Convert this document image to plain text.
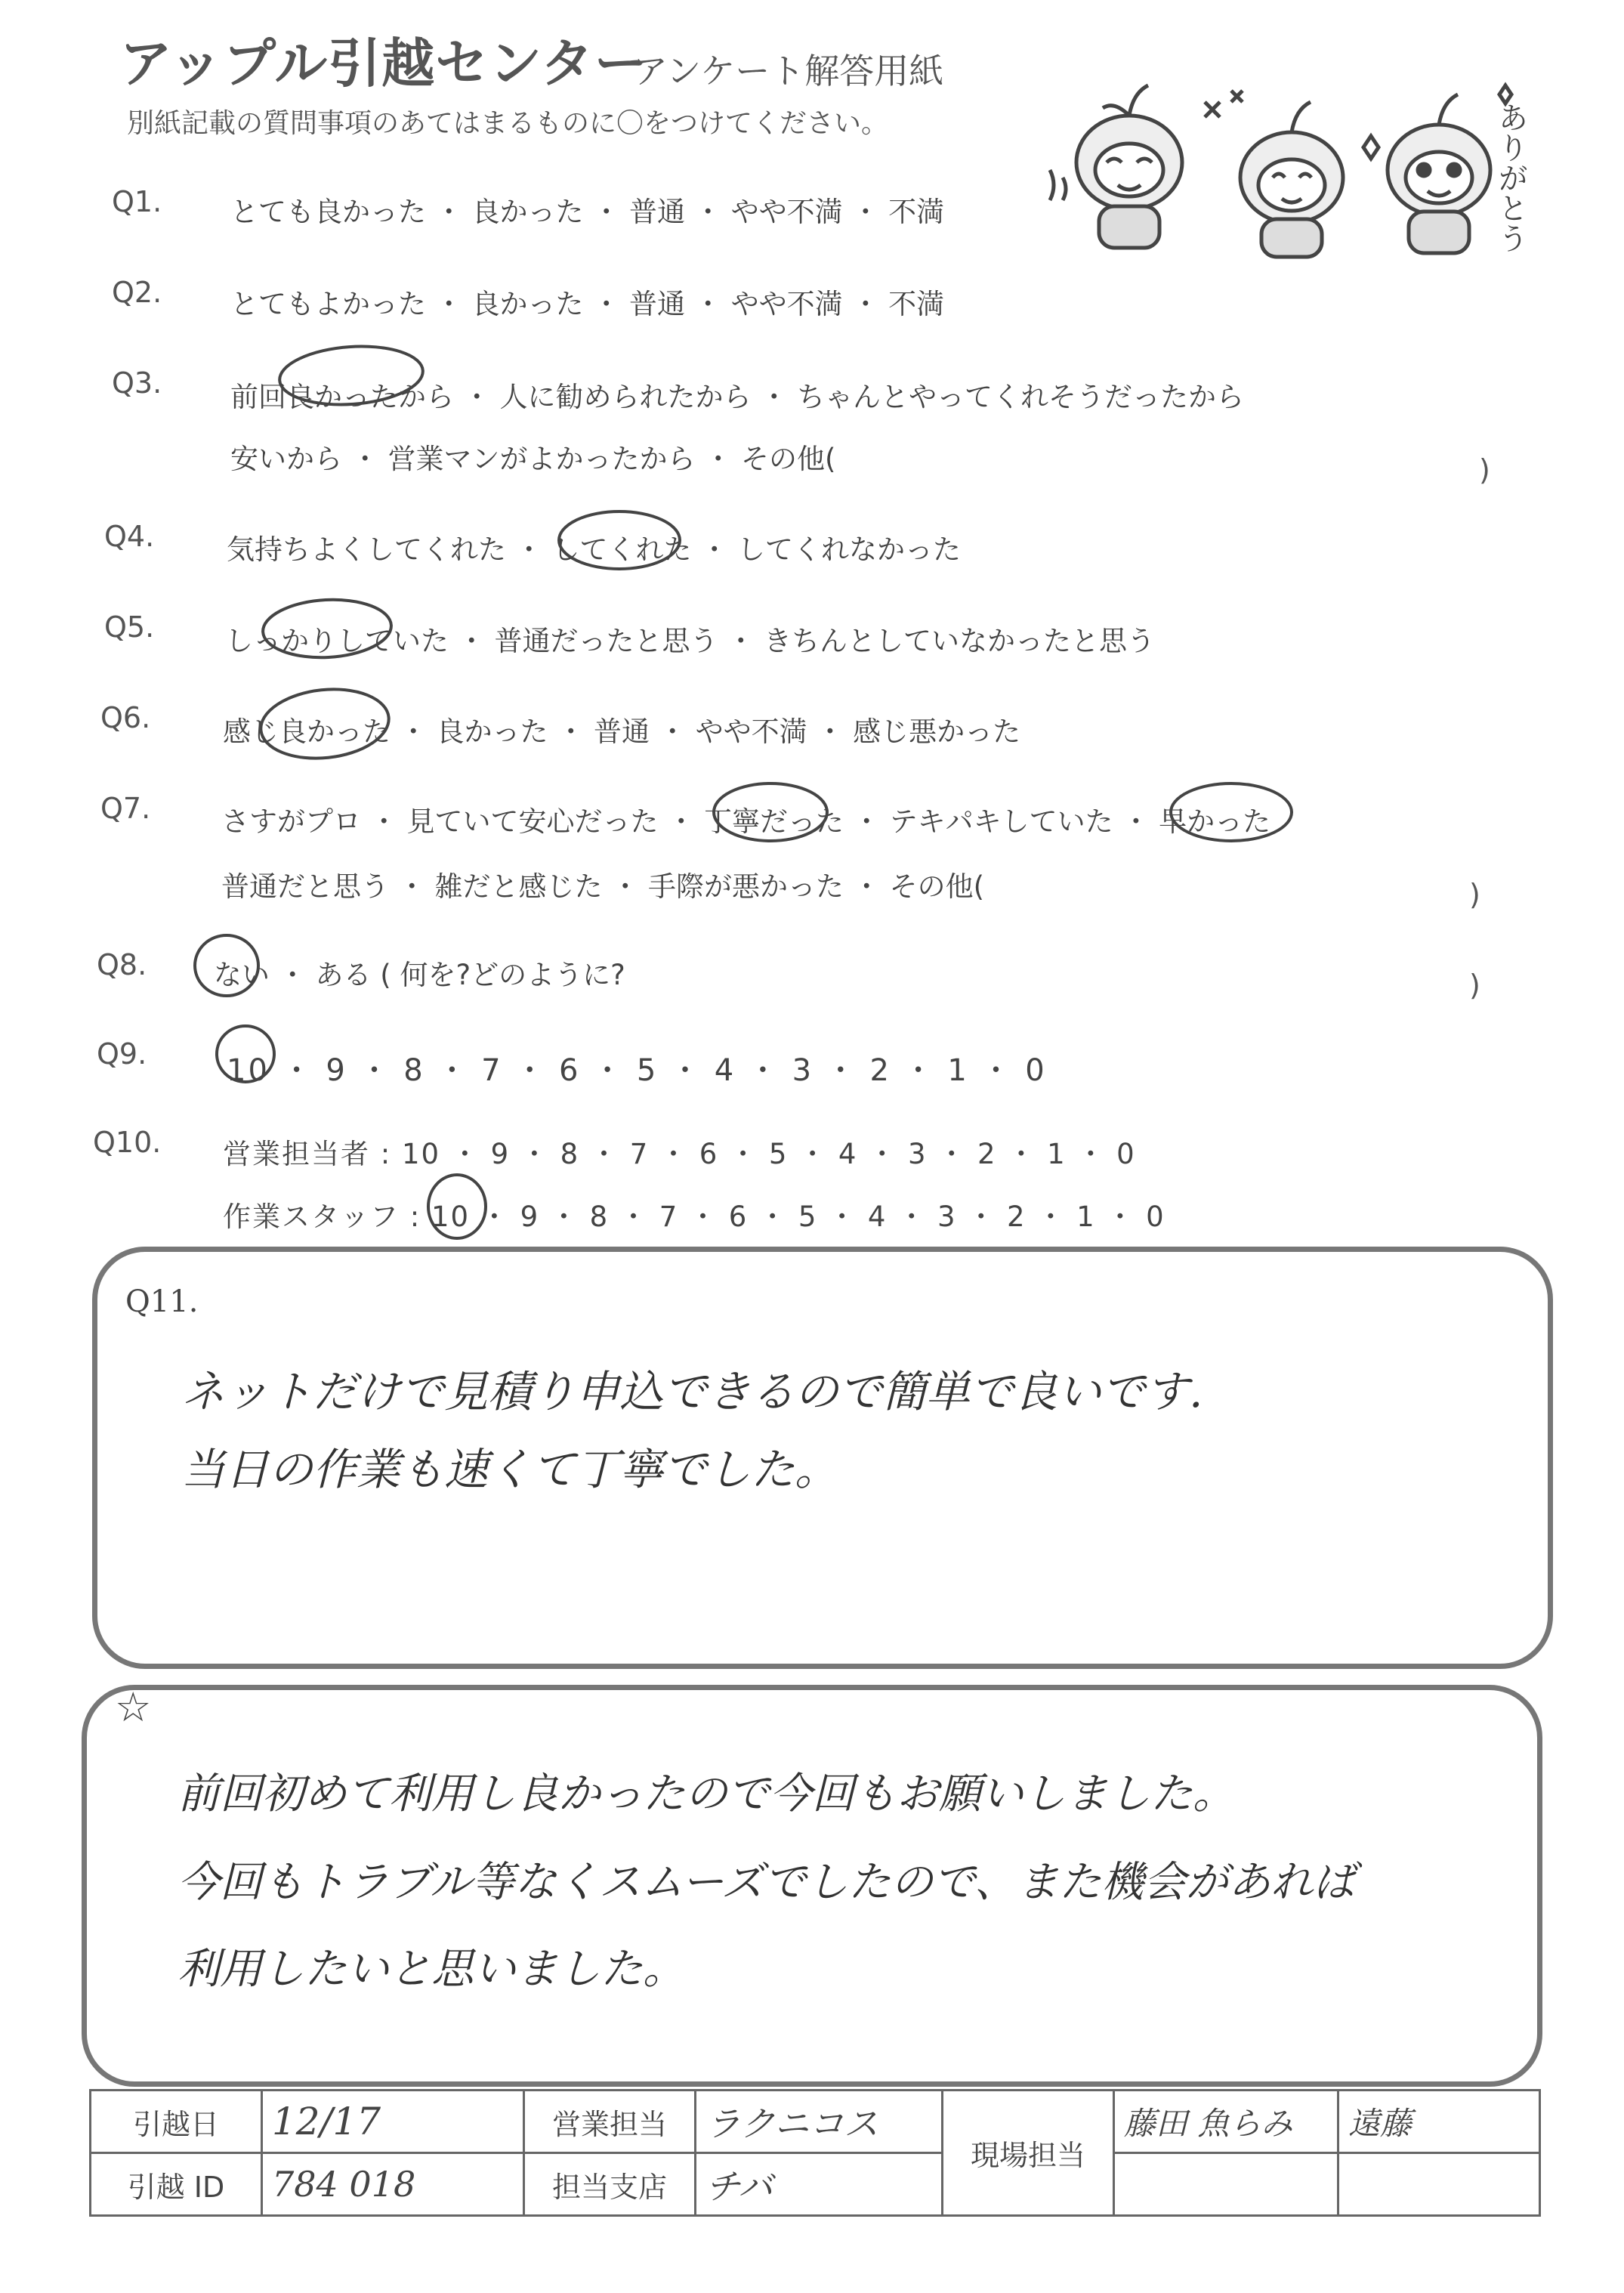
アップル引越センター
アンケート解答用紙
別紙記載の質問事項のあてはまるものに〇をつけてください。	ありがとう
Q1.
Q2.
Q3.
Q4.
Q5.
Q6.
Q7.
Q8.
Q9.
Q10.
とても良かった ・ 良かった ・ 普通 ・ やや不満 ・ 不満
とてもよかった ・ 良かった ・ 普通 ・ やや不満 ・ 不満
前回良かったから ・ 人に勧められたから ・ ちゃんとやってくれそうだったから
安いから ・ 営業マンがよかったから ・ その他(	)
気持ちよくしてくれた ・ してくれた ・ してくれなかった
しっかりしていた ・ 普通だったと思う ・ きちんとしていなかったと思う
感じ良かった ・ 良かった ・ 普通 ・ やや不満 ・ 感じ悪かった
さすがプロ ・ 見ていて安心だった ・ 丁寧だった ・ テキパキしていた ・ 早かった
普通だと思う ・ 雑だと感じた ・ 手際が悪かった ・ その他(	)
ない ・ ある ( 何を?どのように?	)
10 ・ 9 ・ 8 ・ 7 ・ 6 ・ 5 ・ 4 ・ 3 ・ 2 ・ 1 ・ 0
営業担当者 : 10 ・ 9 ・ 8 ・ 7 ・ 6 ・ 5 ・ 4 ・ 3 ・ 2 ・ 1 ・ 0
作業スタッフ : 10 ・ 9 ・ 8 ・ 7 ・ 6 ・ 5 ・ 4 ・ 3 ・ 2 ・ 1 ・ 0
Q11.
ネットだけで見積り申込できるので簡単で良いです.
当日の作業も速くて丁寧でした。
☆
前回初めて利用し良かったので今回もお願いしました。
今回もトラブル等なくスムーズでしたので、また機会があれば
利用したいと思いました。
引越日	12/17	営業担当	ラクニコス	現場担当	藤田 魚らみ	遠藤
引越 ID	784 018	担当支店	チバ			
